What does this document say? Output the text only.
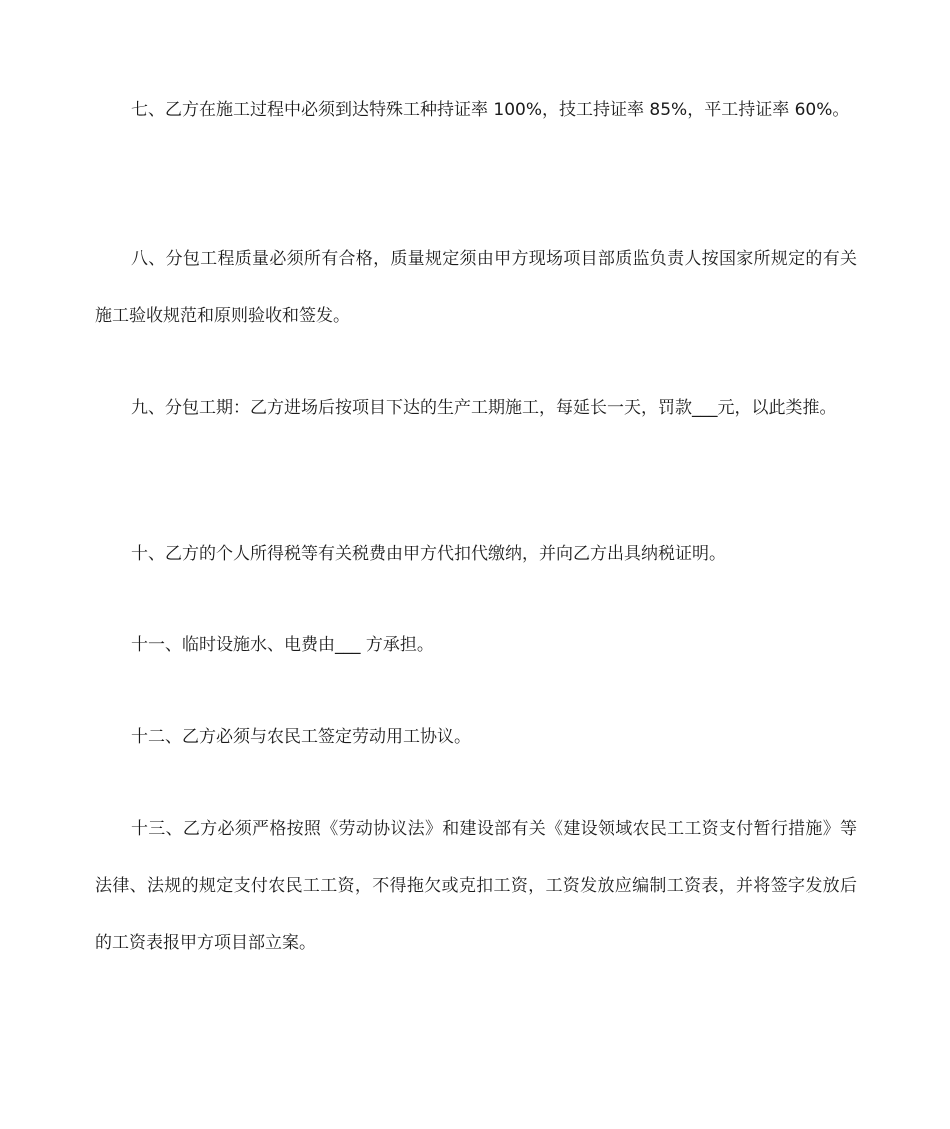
七、乙方在施工过程中必须到达特殊工种持证率 100%，技工持证率 85%，平工持证率 60%。

八、分包工程质量必须所有合格，质量规定须由甲方现场项目部质监负责人按国家所规定的有关施工验收规范和原则验收和签发。

九、分包工期：乙方进场后按项目下达的生产工期施工，每延长一天，罚款___元，以此类推。

十、乙方的个人所得税等有关税费由甲方代扣代缴纳，并向乙方出具纳税证明。

十一、临时设施水、电费由___ 方承担。

十二、乙方必须与农民工签定劳动用工协议。

十三、乙方必须严格按照《劳动协议法》和建设部有关《建设领域农民工工资支付暂行措施》等法律、法规的规定支付农民工工资，不得拖欠或克扣工资，工资发放应编制工资表，并将签字发放后的工资表报甲方项目部立案。
